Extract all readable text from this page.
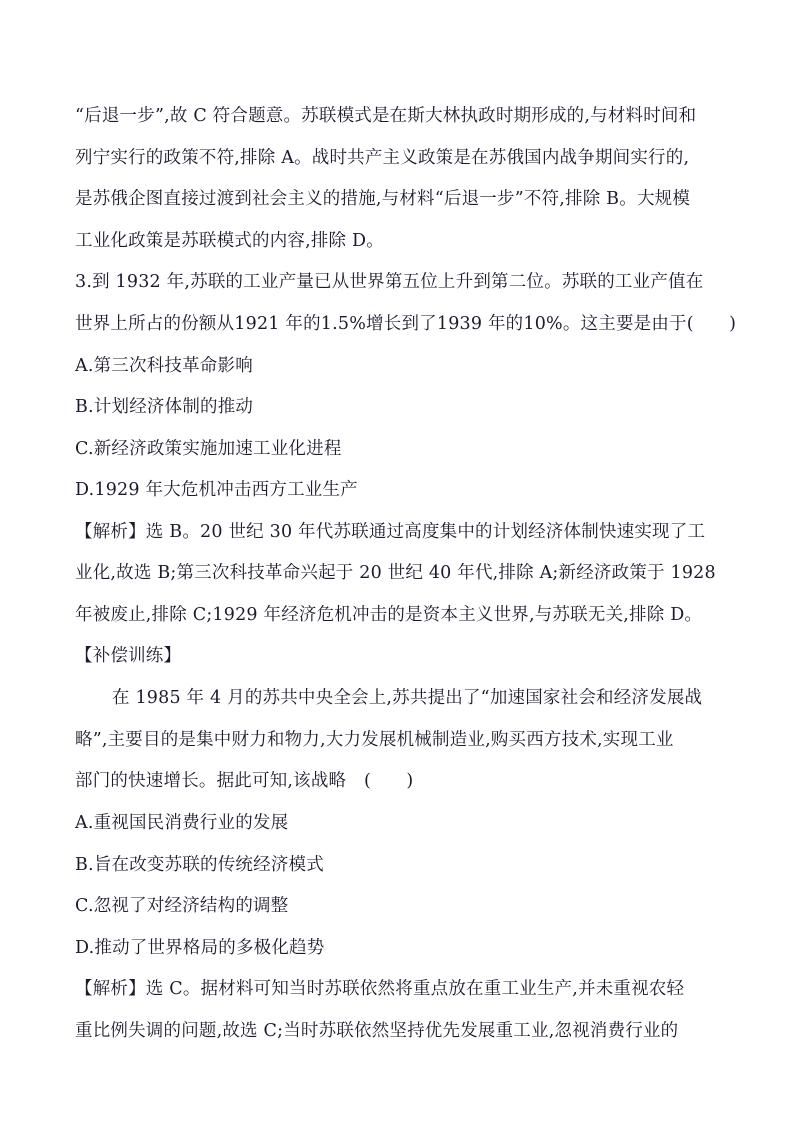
“后退一步”,故 C 符合题意。苏联模式是在斯大林执政时期形成的,与材料时间和
列宁实行的政策不符,排除 A。战时共产主义政策是在苏俄国内战争期间实行的,
是苏俄企图直接过渡到社会主义的措施,与材料“后退一步”不符,排除 B。大规模
工业化政策是苏联模式的内容,排除 D。
3.到 1932 年,苏联的工业产量已从世界第五位上升到第二位。苏联的工业产值在
世界上所占的份额从1921 年的1.5%增长到了1939 年的10%。这主要是由于(　　)
A.第三次科技革命影响
B.计划经济体制的推动
C.新经济政策实施加速工业化进程
D.1929 年大危机冲击西方工业生产
【解析】选 B。20 世纪 30 年代苏联通过高度集中的计划经济体制快速实现了工
业化,故选 B;第三次科技革命兴起于 20 世纪 40 年代,排除 A;新经济政策于 1928
年被废止,排除 C;1929 年经济危机冲击的是资本主义世界,与苏联无关,排除 D。
【补偿训练】
在 1985 年 4 月的苏共中央全会上,苏共提出了“加速国家社会和经济发展战
略”,主要目的是集中财力和物力,大力发展机械制造业,购买西方技术,实现工业
部门的快速增长。据此可知,该战略　(　　)
A.重视国民消费行业的发展
B.旨在改变苏联的传统经济模式
C.忽视了对经济结构的调整
D.推动了世界格局的多极化趋势
【解析】选 C。据材料可知当时苏联依然将重点放在重工业生产,并未重视农轻
重比例失调的问题,故选 C;当时苏联依然坚持优先发展重工业,忽视消费行业的
